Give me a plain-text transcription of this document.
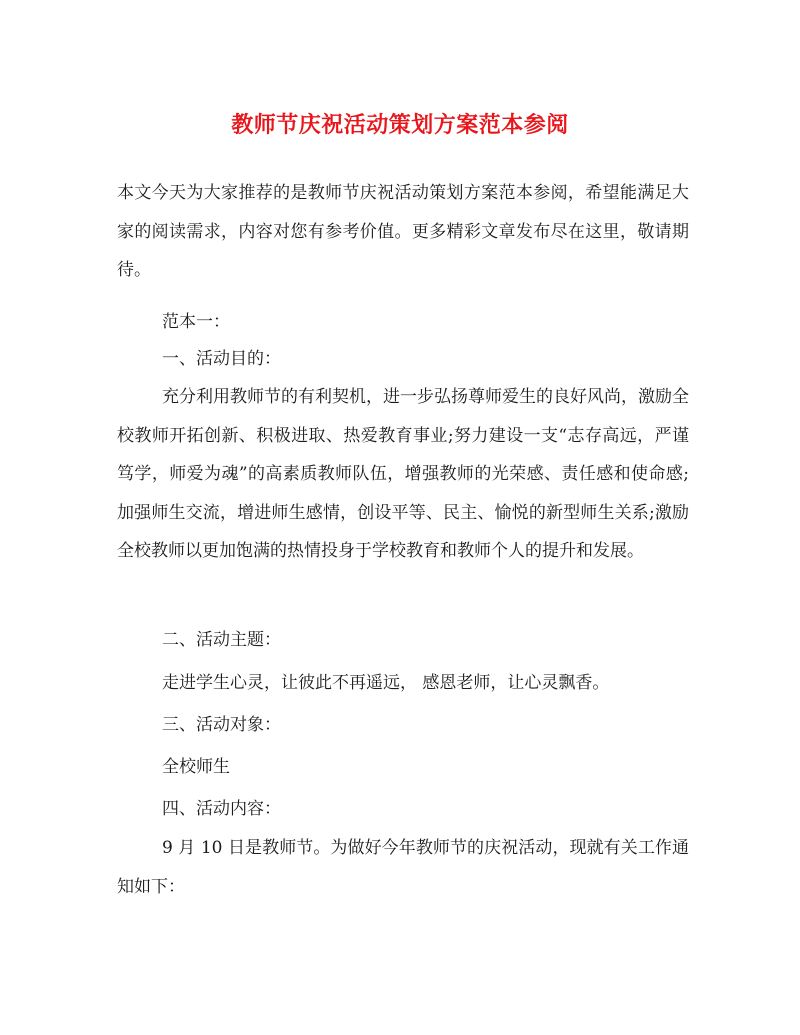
教师节庆祝活动策划方案范本参阅

本文今天为大家推荐的是教师节庆祝活动策划方案范本参阅，希望能满足大家的阅读需求，内容对您有参考价值。更多精彩文章发布尽在这里，敬请期待。

范本一：

一、活动目的：

充分利用教师节的有利契机，进一步弘扬尊师爱生的良好风尚，激励全校教师开拓创新、积极进取、热爱教育事业;努力建设一支“志存高远，严谨笃学，师爱为魂”的高素质教师队伍，增强教师的光荣感、责任感和使命感;加强师生交流，增进师生感情，创设平等、民主、愉悦的新型师生关系;激励全校教师以更加饱满的热情投身于学校教育和教师个人的提升和发展。

二、活动主题：

走进学生心灵，让彼此不再遥远， 感恩老师，让心灵飘香。

三、活动对象：

全校师生

四、活动内容：

9 月 10 日是教师节。为做好今年教师节的庆祝活动，现就有关工作通知如下：
